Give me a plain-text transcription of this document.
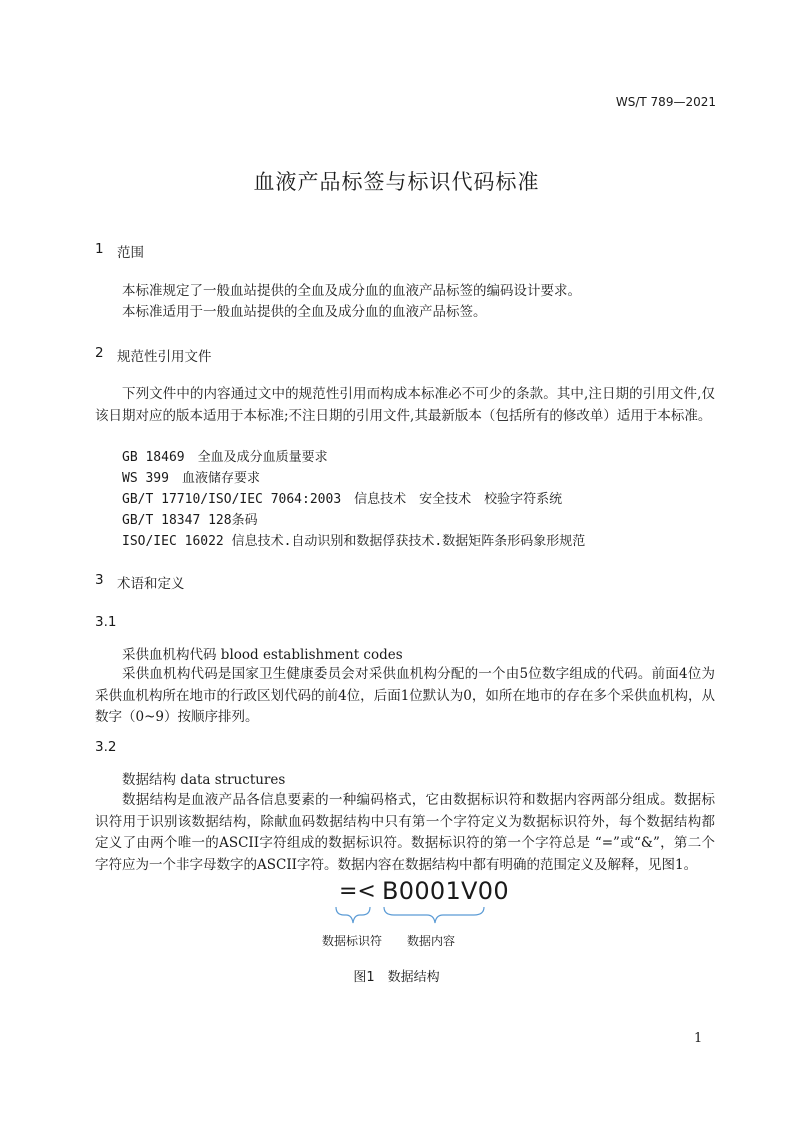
WS/T 789—2021
血液产品标签与标识代码标准
1 范围
本标准规定了一般血站提供的全血及成分血的血液产品标签的编码设计要求。
本标准适用于一般血站提供的全血及成分血的血液产品标签。
2 规范性引用文件

下列文件中的内容通过文中的规范性引用而构成本标准必不可少的条款。其中,注日期的引用文件,仅该日期对应的版本适用于本标准;不注日期的引用文件,其最新版本（包括所有的修改单）适用于本标准。

GB 18469　全血及成分血质量要求
WS 399　血液储存要求
GB/T 17710/ISO/IEC 7064:2003　信息技术　安全技术　校验字符系统
GB/T 18347 128条码
ISO/IEC 16022 信息技术.自动识别和数据俘获技术.数据矩阵条形码象形规范
3 术语和定义
3.1
采供血机构代码 blood establishment codes

采供血机构代码是国家卫生健康委员会对采供血机构分配的一个由5位数字组成的代码。前面4位为采供血机构所在地市的行政区划代码的前4位，后面1位默认为0，如所在地市的存在多个采供血机构，从数字（0~9）按顺序排列。

3.2
数据结构 data structures

数据结构是血液产品各信息要素的一种编码格式，它由数据标识符和数据内容两部分组成。数据标识符用于识别该数据结构，除献血码数据结构中只有第一个字符定义为数据标识符外，每个数据结构都定义了由两个唯一的ASCII字符组成的数据标识符。数据标识符的第一个字符总是 “=”或“&”，第二个字符应为一个非字母数字的ASCII字符。数据内容在数据结构中都有明确的范围定义及解释，见图1。

=< B0001V00
数据标识符 数据内容
图1　数据结构
1
